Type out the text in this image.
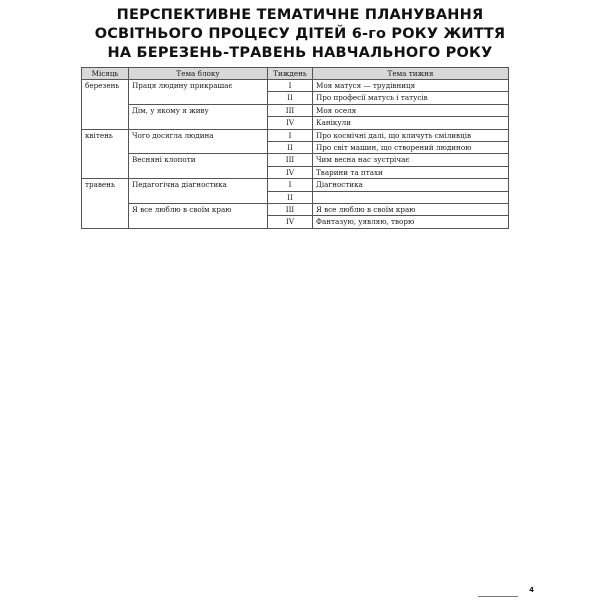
ПЕРСПЕКТИВНЕ ТЕМАТИЧНЕ ПЛАНУВАННЯ
ОСВІТНЬОГО ПРОЦЕСУ ДІТЕЙ 6-го РОКУ ЖИТТЯ
НА БЕРЕЗЕНЬ-ТРАВЕНЬ НАВЧАЛЬНОГО РОКУ
Місяць	Тема блоку	Тиждень	Тема тижня
березень	Праця людину прикрашає	I	Моя матуся — трудівниця
		II	Про професії матусь і татусів
	Дім, у якому я живу	III	Моя оселя
		IV	Канікули
квітень	Чого досягла людина	I	Про космічні далі, що кличуть сміливців
		II	Про світ машин, що створений людиною
	Весняні клопоти	III	Чим весна нас зустрічає
		IV	Тварини та птахи
травень	Педагогічна діагностика	I	Діагностика
		II	
	Я все люблю в своїм краю	III	Я все люблю в своїм краю
		IV	Фантазую, уявляю, творю
4
